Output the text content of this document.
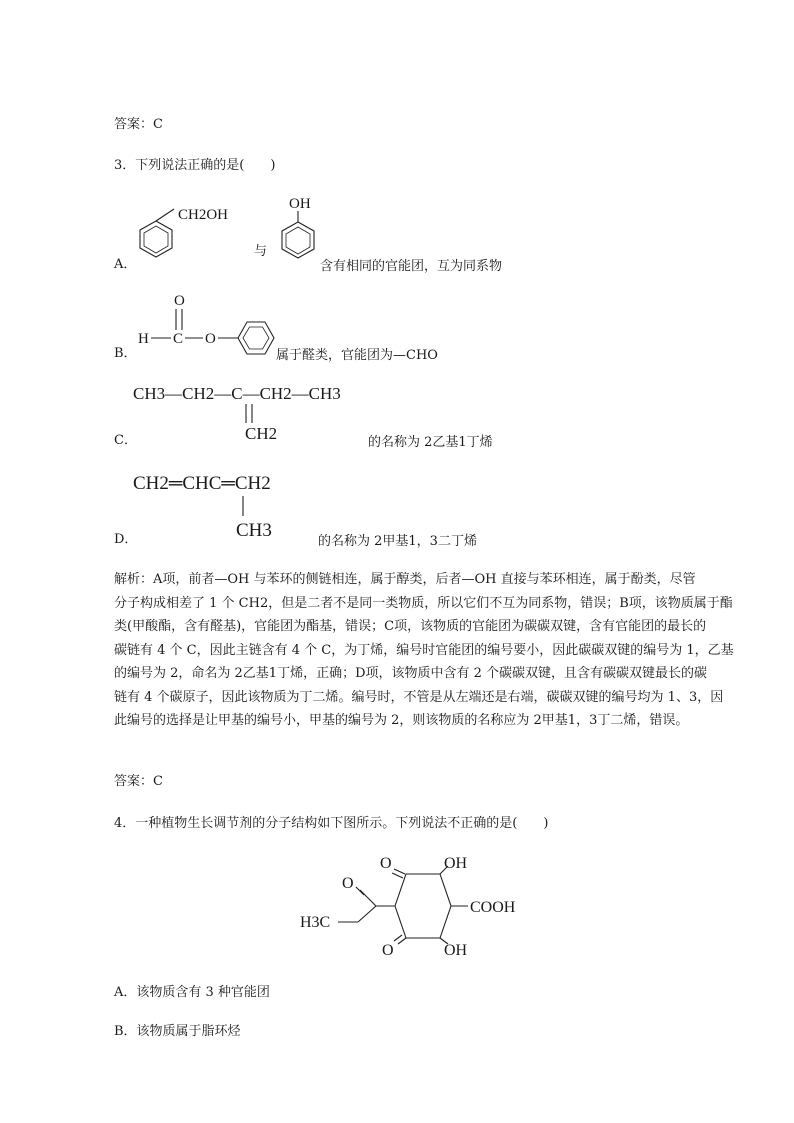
答案：C
3．下列说法正确的是(　　)
A．
CH2OH
与
OH
含有相同的官能团，互为同系物
B．
O
H C O
属于醛类，官能团为—CHO
C．
CH3—CH2—C—CH2—CH3
CH2	的名称为 2乙基1丁烯
D．
CH2═CHC═CH2
CH3
的名称为 2甲基1，3二丁烯
解析：A项，前者—OH 与苯环的侧链相连，属于醇类，后者—OH 直接与苯环相连，属于酚类，尽管
分子构成相差了 1 个 CH2，但是二者不是同一类物质，所以它们不互为同系物，错误；B项，该物质属于酯
类(甲酸酯，含有醛基)，官能团为酯基，错误；C项，该物质的官能团为碳碳双键，含有官能团的最长的
碳链有 4 个 C，因此主链含有 4 个 C，为丁烯，编号时官能团的编号要小，因此碳碳双键的编号为 1，乙基
的编号为 2，命名为 2乙基1丁烯，正确；D项，该物质中含有 2 个碳碳双键，且含有碳碳双键最长的碳
链有 4 个碳原子，因此该物质为丁二烯。编号时，不管是从左端还是右端，碳碳双键的编号均为 1、3，因
此编号的选择是让甲基的编号小，甲基的编号为 2，则该物质的名称应为 2甲基1，3丁二烯，错误。
答案：C
4．一种植物生长调节剂的分子结构如下图所示。下列说法不正确的是(　　)
O	OH
COOH
O	OH
O
H3C
A．该物质含有 3 种官能团
B．该物质属于脂环烃
